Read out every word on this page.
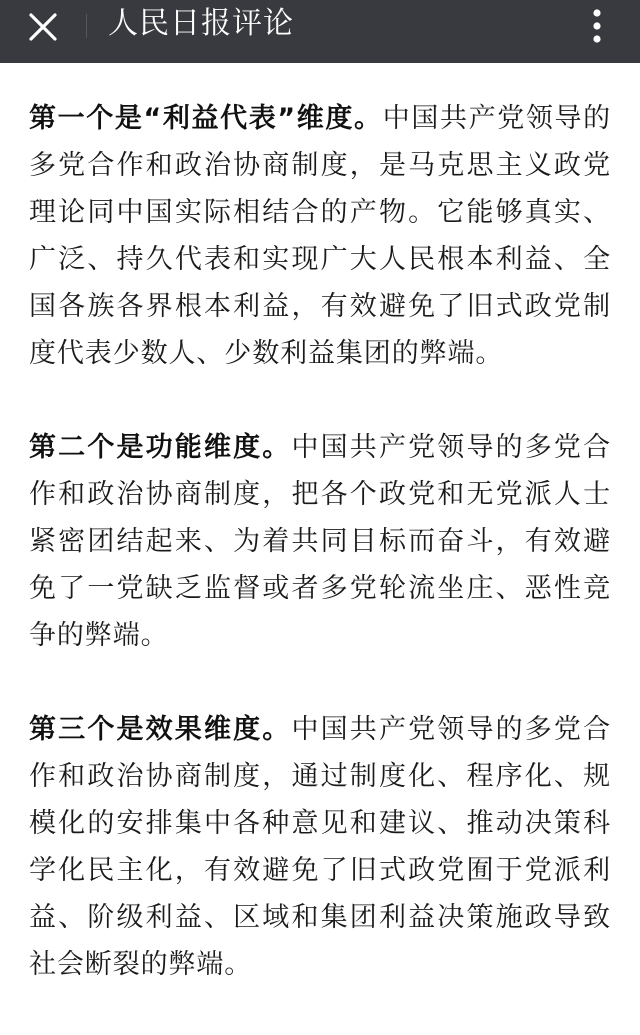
人民日报评论

第一个是“利益代表”维度。中国共产党领导的多党合作和政治协商制度，是马克思主义政党理论同中国实际相结合的产物。它能够真实、广泛、持久代表和实现广大人民根本利益、全国各族各界根本利益，有效避免了旧式政党制度代表少数人、少数利益集团的弊端。

第二个是功能维度。中国共产党领导的多党合作和政治协商制度，把各个政党和无党派人士紧密团结起来、为着共同目标而奋斗，有效避免了一党缺乏监督或者多党轮流坐庄、恶性竞争的弊端。

第三个是效果维度。中国共产党领导的多党合作和政治协商制度，通过制度化、程序化、规模化的安排集中各种意见和建议、推动决策科学化民主化，有效避免了旧式政党囿于党派利益、阶级利益、区域和集团利益决策施政导致社会断裂的弊端。
